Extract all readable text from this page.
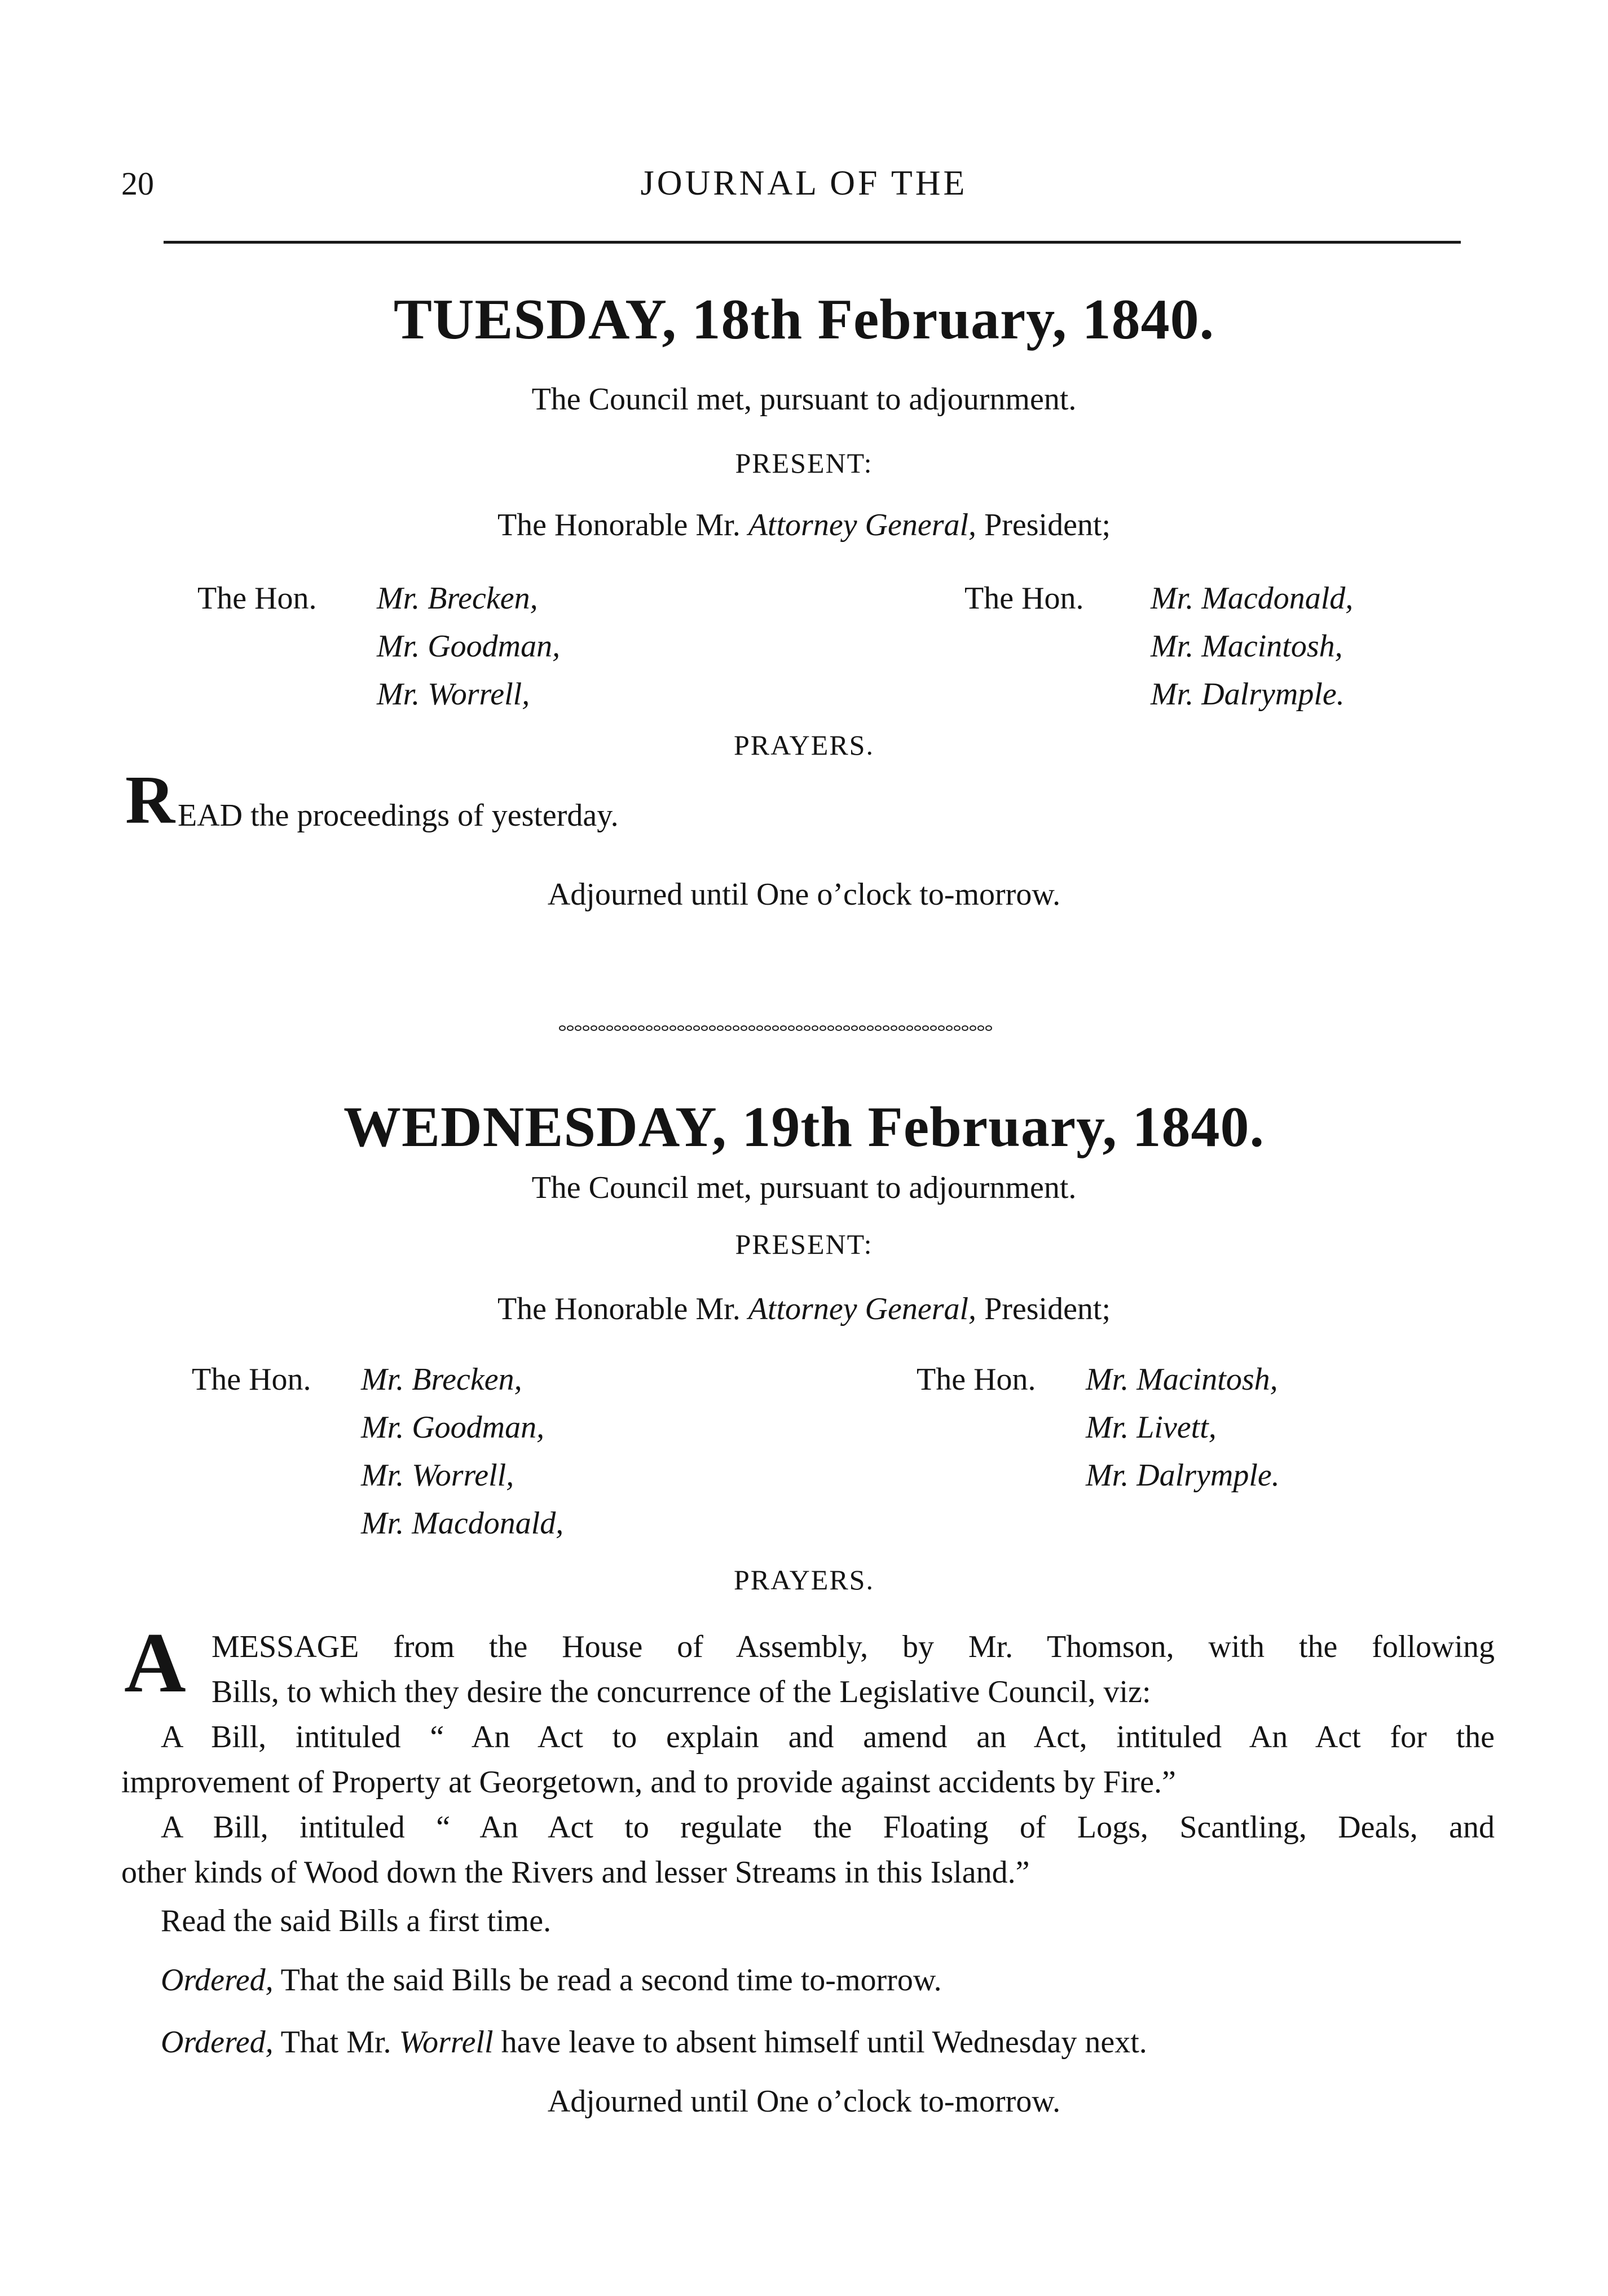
20	JOURNAL OF THE
TUESDAY, 18th February, 1840.
The Council met, pursuant to adjournment.
PRESENT:
The Honorable Mr. Attorney General, President;
The Hon. Mr. Brecken,
Mr. Goodman,
Mr. Worrell,
The Hon. Mr. Macdonald,
Mr. Macintosh,
Mr. Dalrymple.
PRAYERS.
R EAD the proceedings of yesterday.
Adjourned until One o’clock to-morrow.
WEDNESDAY, 19th February, 1840.
The Council met, pursuant to adjournment.
PRESENT:
The Honorable Mr. Attorney General, President;
The Hon. Mr. Brecken,
Mr. Goodman,
Mr. Worrell,
Mr. Macdonald,
The Hon. Mr. Macintosh,
Mr. Livett,
Mr. Dalrymple.
PRAYERS.
A MESSAGE from the House of Assembly, by Mr. Thomson, with the following
Bills, to which they desire the concurrence of the Legislative Council, viz:
A Bill, intituled “ An Act to explain and amend an Act, intituled An Act for the
improvement of Property at Georgetown, and to provide against accidents by Fire.”
A Bill, intituled “ An Act to regulate the Floating of Logs, Scantling, Deals, and
other kinds of Wood down the Rivers and lesser Streams in this Island.”
Read the said Bills a first time.
Ordered, That the said Bills be read a second time to-morrow.
Ordered, That Mr. Worrell have leave to absent himself until Wednesday next.
Adjourned until One o’clock to-morrow.
